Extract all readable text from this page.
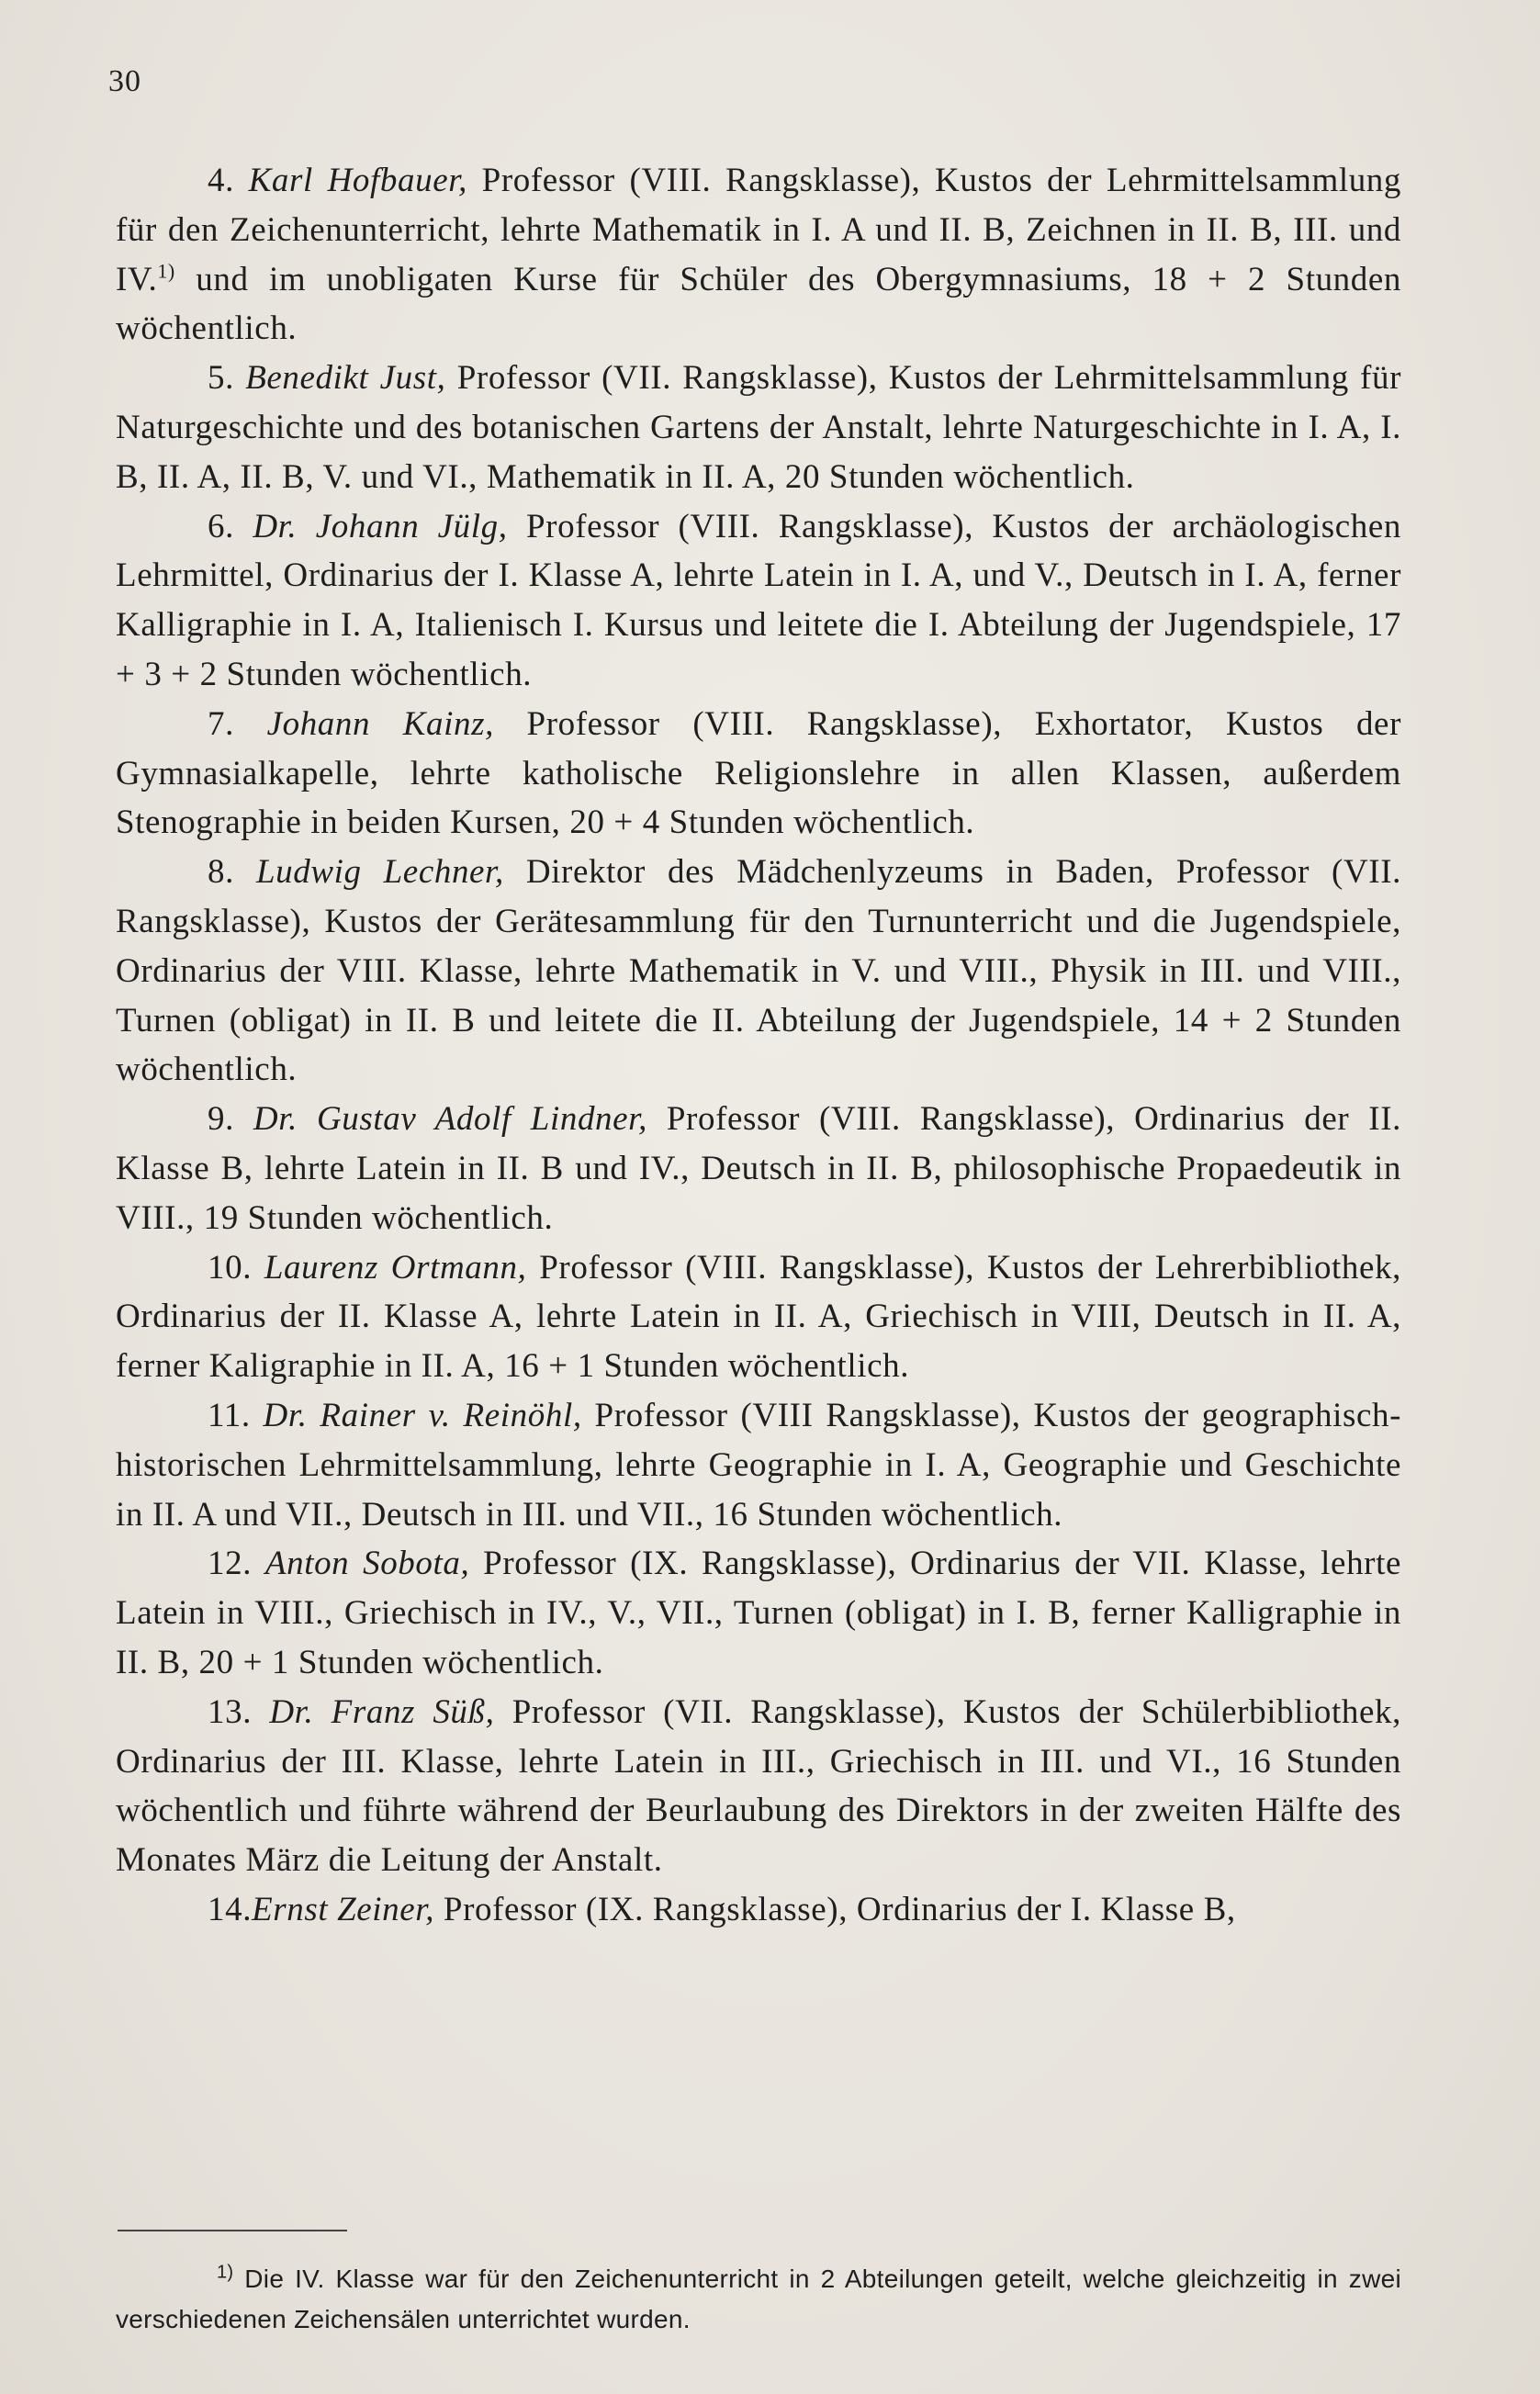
30

4. Karl Hofbauer, Professor (VIII. Rangsklasse), Kustos der Lehrmittelsammlung für den Zeichenunterricht, lehrte Mathematik in I. A und II. B, Zeichnen in II. B, III. und IV.$^{1)}$ und im unobligaten Kurse für Schüler des Obergymnasiums, 18 + 2 Stunden wöchentlich.

5. Benedikt Just, Professor (VII. Rangsklasse), Kustos der Lehrmittelsammlung für Naturgeschichte und des botanischen Gartens der Anstalt, lehrte Naturgeschichte in I. A, I. B, II. A, II. B, V. und VI., Mathematik in II. A, 20 Stunden wöchentlich.

6. Dr. Johann Jülg, Professor (VIII. Rangsklasse), Kustos der archäologischen Lehrmittel, Ordinarius der I. Klasse A, lehrte Latein in I. A, und V., Deutsch in I. A, ferner Kalligraphie in I. A, Italienisch I. Kursus und leitete die I. Abteilung der Jugendspiele, 17 + 3 + 2 Stunden wöchentlich.

7. Johann Kainz, Professor (VIII. Rangsklasse), Exhortator, Kustos der Gymnasialkapelle, lehrte katholische Religionslehre in allen Klassen, außerdem Stenographie in beiden Kursen, 20 + 4 Stunden wöchentlich.

8. Ludwig Lechner, Direktor des Mädchenlyzeums in Baden, Professor (VII. Rangsklasse), Kustos der Gerätesammlung für den Turnunterricht und die Jugendspiele, Ordinarius der VIII. Klasse, lehrte Mathematik in V. und VIII., Physik in III. und VIII., Turnen (obligat) in II. B und leitete die II. Abteilung der Jugendspiele, 14 + 2 Stunden wöchentlich.

9. Dr. Gustav Adolf Lindner, Professor (VIII. Rangsklasse), Ordinarius der II. Klasse B, lehrte Latein in II. B und IV., Deutsch in II. B, philosophische Propaedeutik in VIII., 19 Stunden wöchentlich.

10. Laurenz Ortmann, Professor (VIII. Rangsklasse), Kustos der Lehrerbibliothek, Ordinarius der II. Klasse A, lehrte Latein in II. A, Griechisch in VIII, Deutsch in II. A, ferner Kaligraphie in II. A, 16 + 1 Stunden wöchentlich.

11. Dr. Rainer v. Reinöhl, Professor (VIII Rangsklasse), Kustos der geographisch-historischen Lehrmittelsammlung, lehrte Geographie in I. A, Geographie und Geschichte in II. A und VII., Deutsch in III. und VII., 16 Stunden wöchentlich.

12. Anton Sobota, Professor (IX. Rangsklasse), Ordinarius der VII. Klasse, lehrte Latein in VIII., Griechisch in IV., V., VII., Turnen (obligat) in I. B, ferner Kalligraphie in II. B, 20 + 1 Stunden wöchentlich.

13. Dr. Franz Süß, Professor (VII. Rangsklasse), Kustos der Schülerbibliothek, Ordinarius der III. Klasse, lehrte Latein in III., Griechisch in III. und VI., 16 Stunden wöchentlich und führte während der Beurlaubung des Direktors in der zweiten Hälfte des Monates März die Leitung der Anstalt.

14.Ernst Zeiner, Professor (IX. Rangsklasse), Ordinarius der I. Klasse B,

$^{1)}$ Die IV. Klasse war für den Zeichenunterricht in 2 Abteilungen geteilt, welche gleichzeitig in zwei verschiedenen Zeichensälen unterrichtet wurden.
